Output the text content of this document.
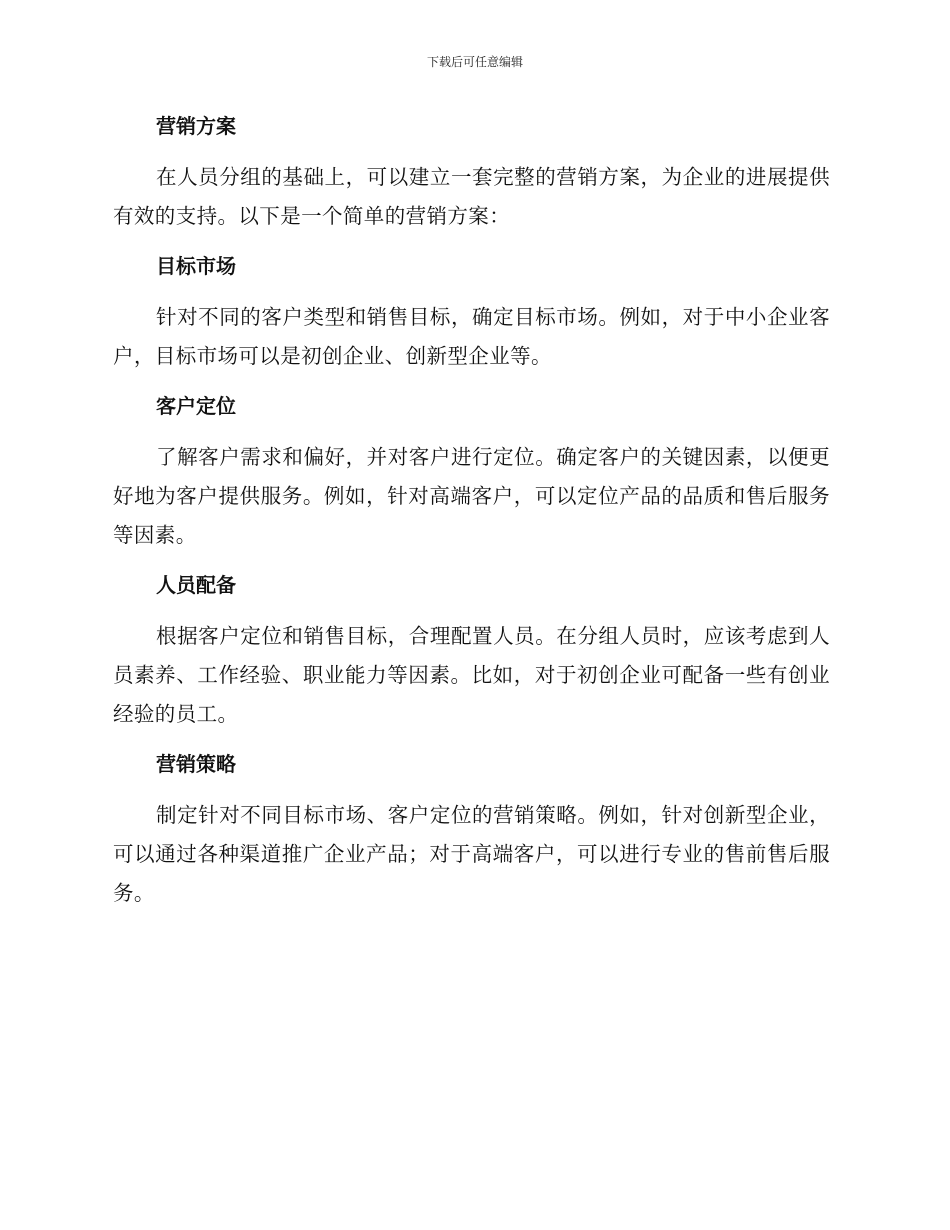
下载后可任意编辑
营销方案

在人员分组的基础上，可以建立一套完整的营销方案，为企业的进展提供有效的支持。以下是一个简单的营销方案：

目标市场

针对不同的客户类型和销售目标，确定目标市场。例如，对于中小企业客户，目标市场可以是初创企业、创新型企业等。

客户定位

了解客户需求和偏好，并对客户进行定位。确定客户的关键因素，以便更好地为客户提供服务。例如，针对高端客户，可以定位产品的品质和售后服务等因素。

人员配备

根据客户定位和销售目标，合理配置人员。在分组人员时，应该考虑到人员素养、工作经验、职业能力等因素。比如，对于初创企业可配备一些有创业经验的员工。

营销策略

制定针对不同目标市场、客户定位的营销策略。例如，针对创新型企业，可以通过各种渠道推广企业产品；对于高端客户，可以进行专业的售前售后服务。
